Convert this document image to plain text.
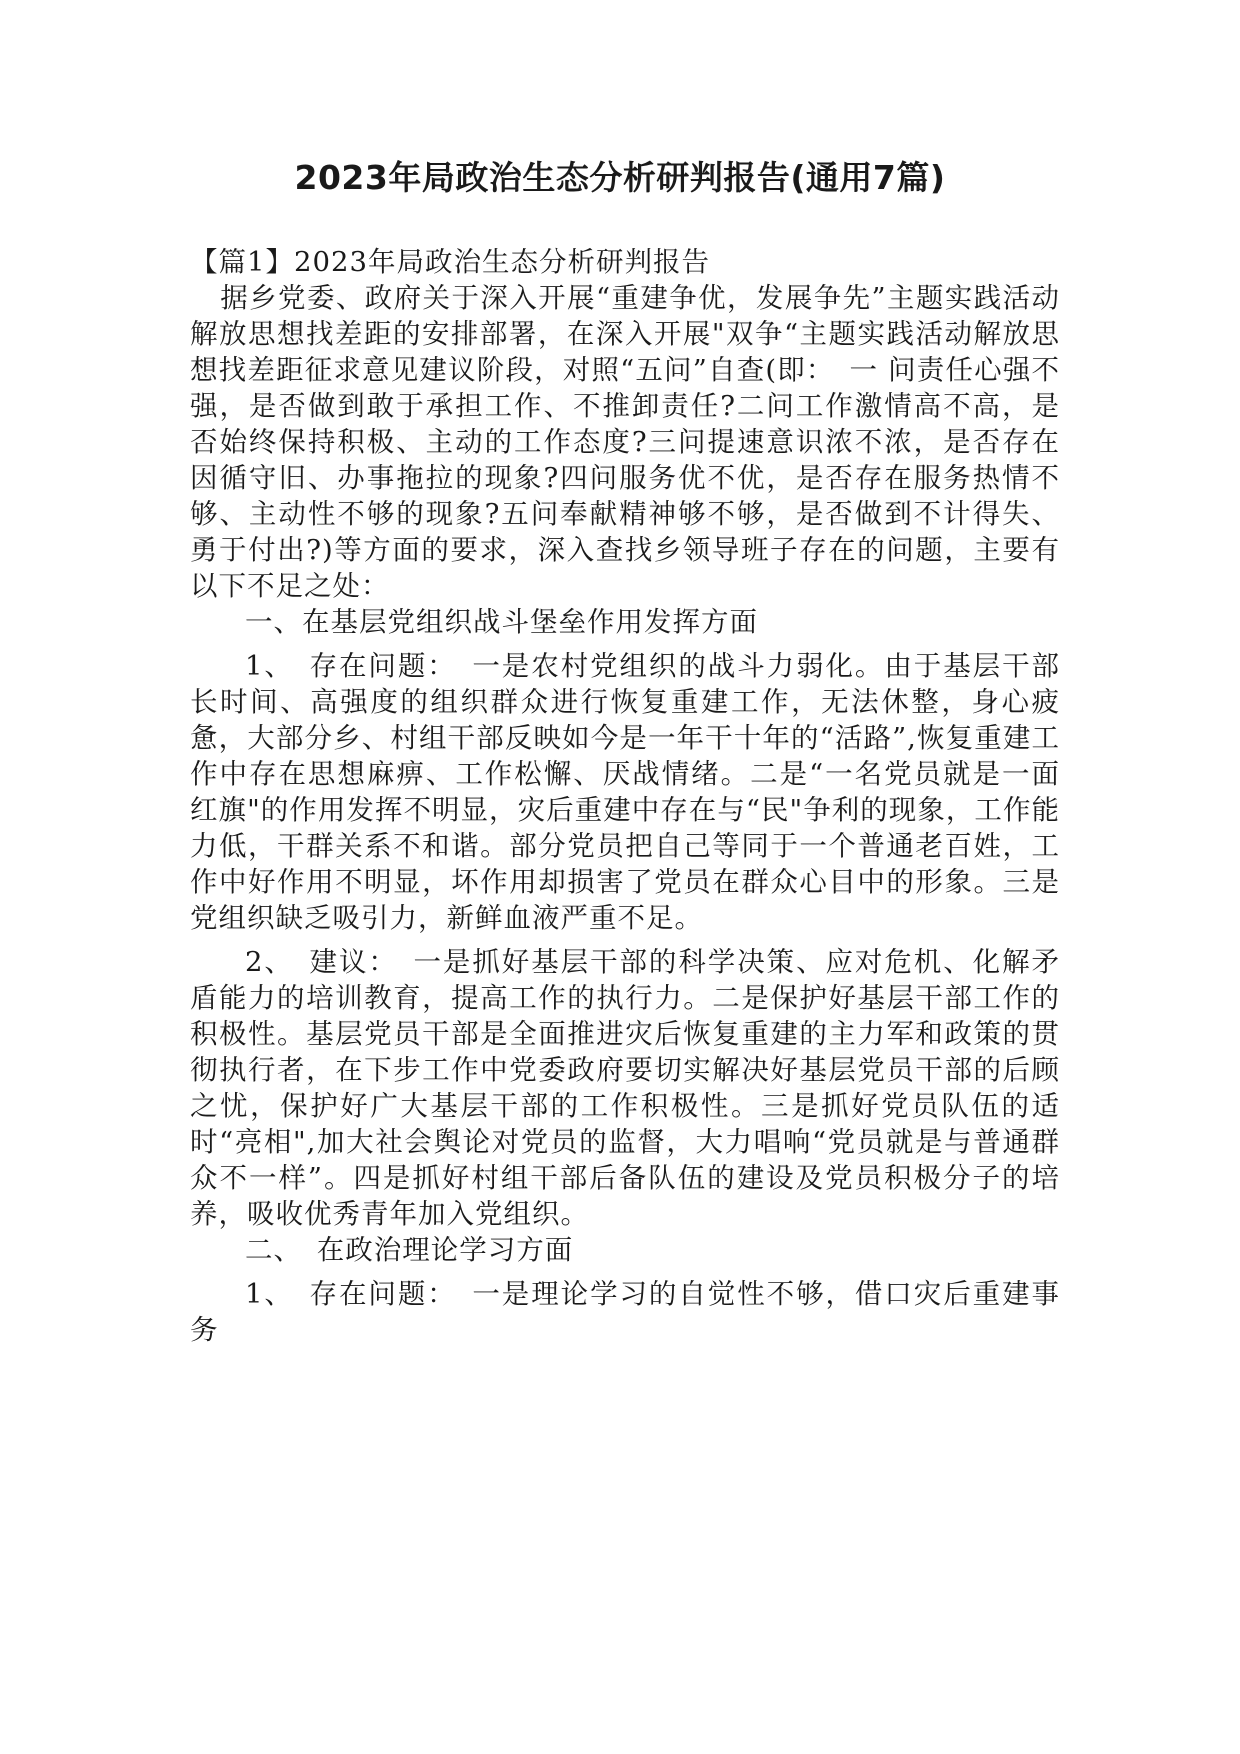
2023年局政治生态分析研判报告(通用7篇)

【篇1】2023年局政治生态分析研判报告

据乡党委、政府关于深入开展“重建争优，发展争先”主题实践活动解放思想找差距的安排部署，在深入开展"双争“主题实践活动解放思想找差距征求意见建议阶段，对照“五问”自查(即：　一 问责任心强不强，是否做到敢于承担工作、不推卸责任?二问工作激情高不高，是否始终保持积极、主动的工作态度?三问提速意识浓不浓，是否存在因循守旧、办事拖拉的现象?四问服务优不优，是否存在服务热情不够、主动性不够的现象?五问奉献精神够不够，是否做到不计得失、勇于付出?)等方面的要求，深入查找乡领导班子存在的问题，主要有以下不足之处：

一、在基层党组织战斗堡垒作用发挥方面

1、　存在问题：　一是农村党组织的战斗力弱化。由于基层干部长时间、高强度的组织群众进行恢复重建工作，无法休整，身心疲惫，大部分乡、村组干部反映如今是一年干十年的“活路”,恢复重建工作中存在思想麻痹、工作松懈、厌战情绪。二是“一名党员就是一面红旗"的作用发挥不明显，灾后重建中存在与“民"争利的现象，工作能力低，干群关系不和谐。部分党员把自己等同于一个普通老百姓，工作中好作用不明显，坏作用却损害了党员在群众心目中的形象。三是党组织缺乏吸引力，新鲜血液严重不足。

2、　建议：　一是抓好基层干部的科学决策、应对危机、化解矛盾能力的培训教育，提高工作的执行力。二是保护好基层干部工作的积极性。基层党员干部是全面推进灾后恢复重建的主力军和政策的贯彻执行者，在下步工作中党委政府要切实解决好基层党员干部的后顾之忧，保护好广大基层干部的工作积极性。三是抓好党员队伍的适时“亮相",加大社会舆论对党员的监督，大力唱响“党员就是与普通群众不一样”。四是抓好村组干部后备队伍的建设及党员积极分子的培养，吸收优秀青年加入党组织。

二、　在政治理论学习方面

1、　存在问题：　一是理论学习的自觉性不够，借口灾后重建事务
